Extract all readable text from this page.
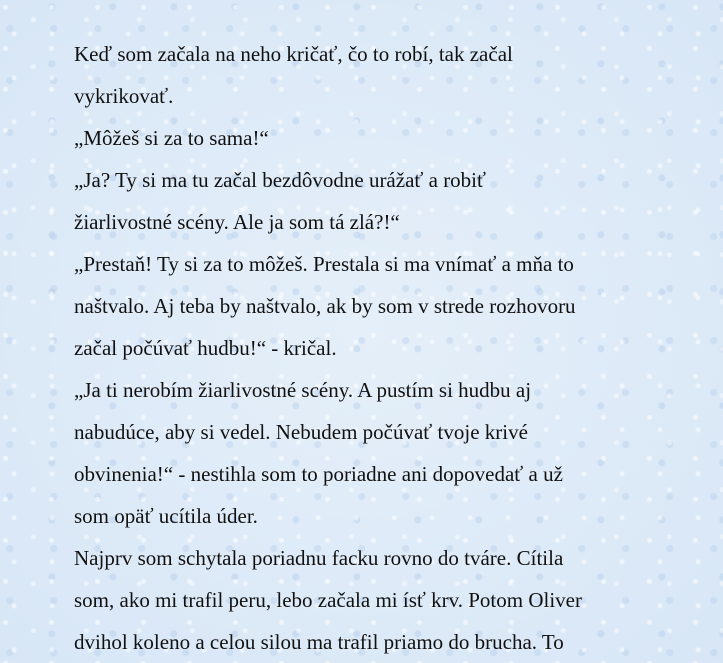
Keď som začala na neho kričať, čo to robí, tak začal
vykrikovať.
„Môžeš si za to sama!“
„Ja? Ty si ma tu začal bezdôvodne urážať a robiť
žiarlivostné scény. Ale ja som tá zlá?!“
„Prestaň! Ty si za to môžeš. Prestala si ma vnímať a mňa to
naštvalo. Aj teba by naštvalo, ak by som v strede rozhovoru
začal počúvať hudbu!“ - kričal.
„Ja ti nerobím žiarlivostné scény. A pustím si hudbu aj
nabudúce, aby si vedel. Nebudem počúvať tvoje krivé
obvinenia!“ - nestihla som to poriadne ani dopovedať a už
som opäť ucítila úder.
Najprv som schytala poriadnu facku rovno do tváre. Cítila
som, ako mi trafil peru, lebo začala mi ísť krv. Potom Oliver
dvihol koleno a celou silou ma trafil priamo do brucha. To
